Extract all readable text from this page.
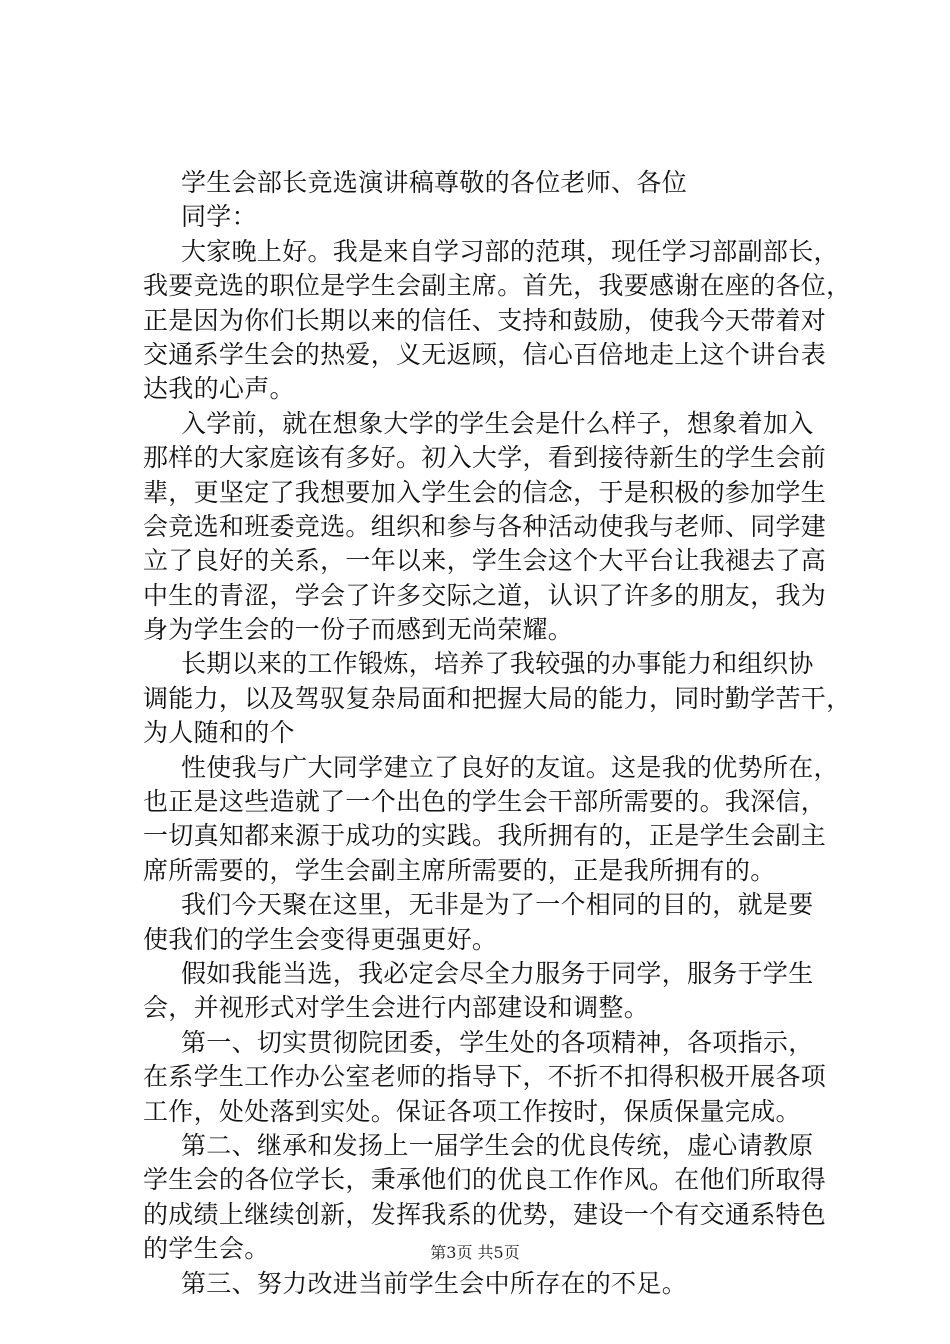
学生会部长竞选演讲稿尊敬的各位老师、各位
同学：
大家晚上好。我是来自学习部的范琪，现任学习部副部长，
我要竞选的职位是学生会副主席。首先，我要感谢在座的各位，
正是因为你们长期以来的信任、支持和鼓励，使我今天带着对
交通系学生会的热爱，义无返顾，信心百倍地走上这个讲台表
达我的心声。
入学前，就在想象大学的学生会是什么样子，想象着加入
那样的大家庭该有多好。初入大学，看到接待新生的学生会前
辈，更坚定了我想要加入学生会的信念，于是积极的参加学生
会竞选和班委竞选。组织和参与各种活动使我与老师、同学建
立了良好的关系，一年以来，学生会这个大平台让我褪去了高
中生的青涩，学会了许多交际之道，认识了许多的朋友，我为
身为学生会的一份子而感到无尚荣耀。
长期以来的工作锻炼，培养了我较强的办事能力和组织协
调能力，以及驾驭复杂局面和把握大局的能力，同时勤学苦干，
为人随和的个
性使我与广大同学建立了良好的友谊。这是我的优势所在，
也正是这些造就了一个出色的学生会干部所需要的。我深信，
一切真知都来源于成功的实践。我所拥有的，正是学生会副主
席所需要的，学生会副主席所需要的，正是我所拥有的。
我们今天聚在这里，无非是为了一个相同的目的，就是要
使我们的学生会变得更强更好。
假如我能当选，我必定会尽全力服务于同学，服务于学生
会，并视形式对学生会进行内部建设和调整。
第一、切实贯彻院团委，学生处的各项精神，各项指示，
在系学生工作办公室老师的指导下，不折不扣得积极开展各项
工作，处处落到实处。保证各项工作按时，保质保量完成。
第二、继承和发扬上一届学生会的优良传统，虚心请教原
学生会的各位学长，秉承他们的优良工作作风。在他们所取得
的成绩上继续创新，发挥我系的优势，建设一个有交通系特色
的学生会。
第三、努力改进当前学生会中所存在的不足。
第3页 共5页
